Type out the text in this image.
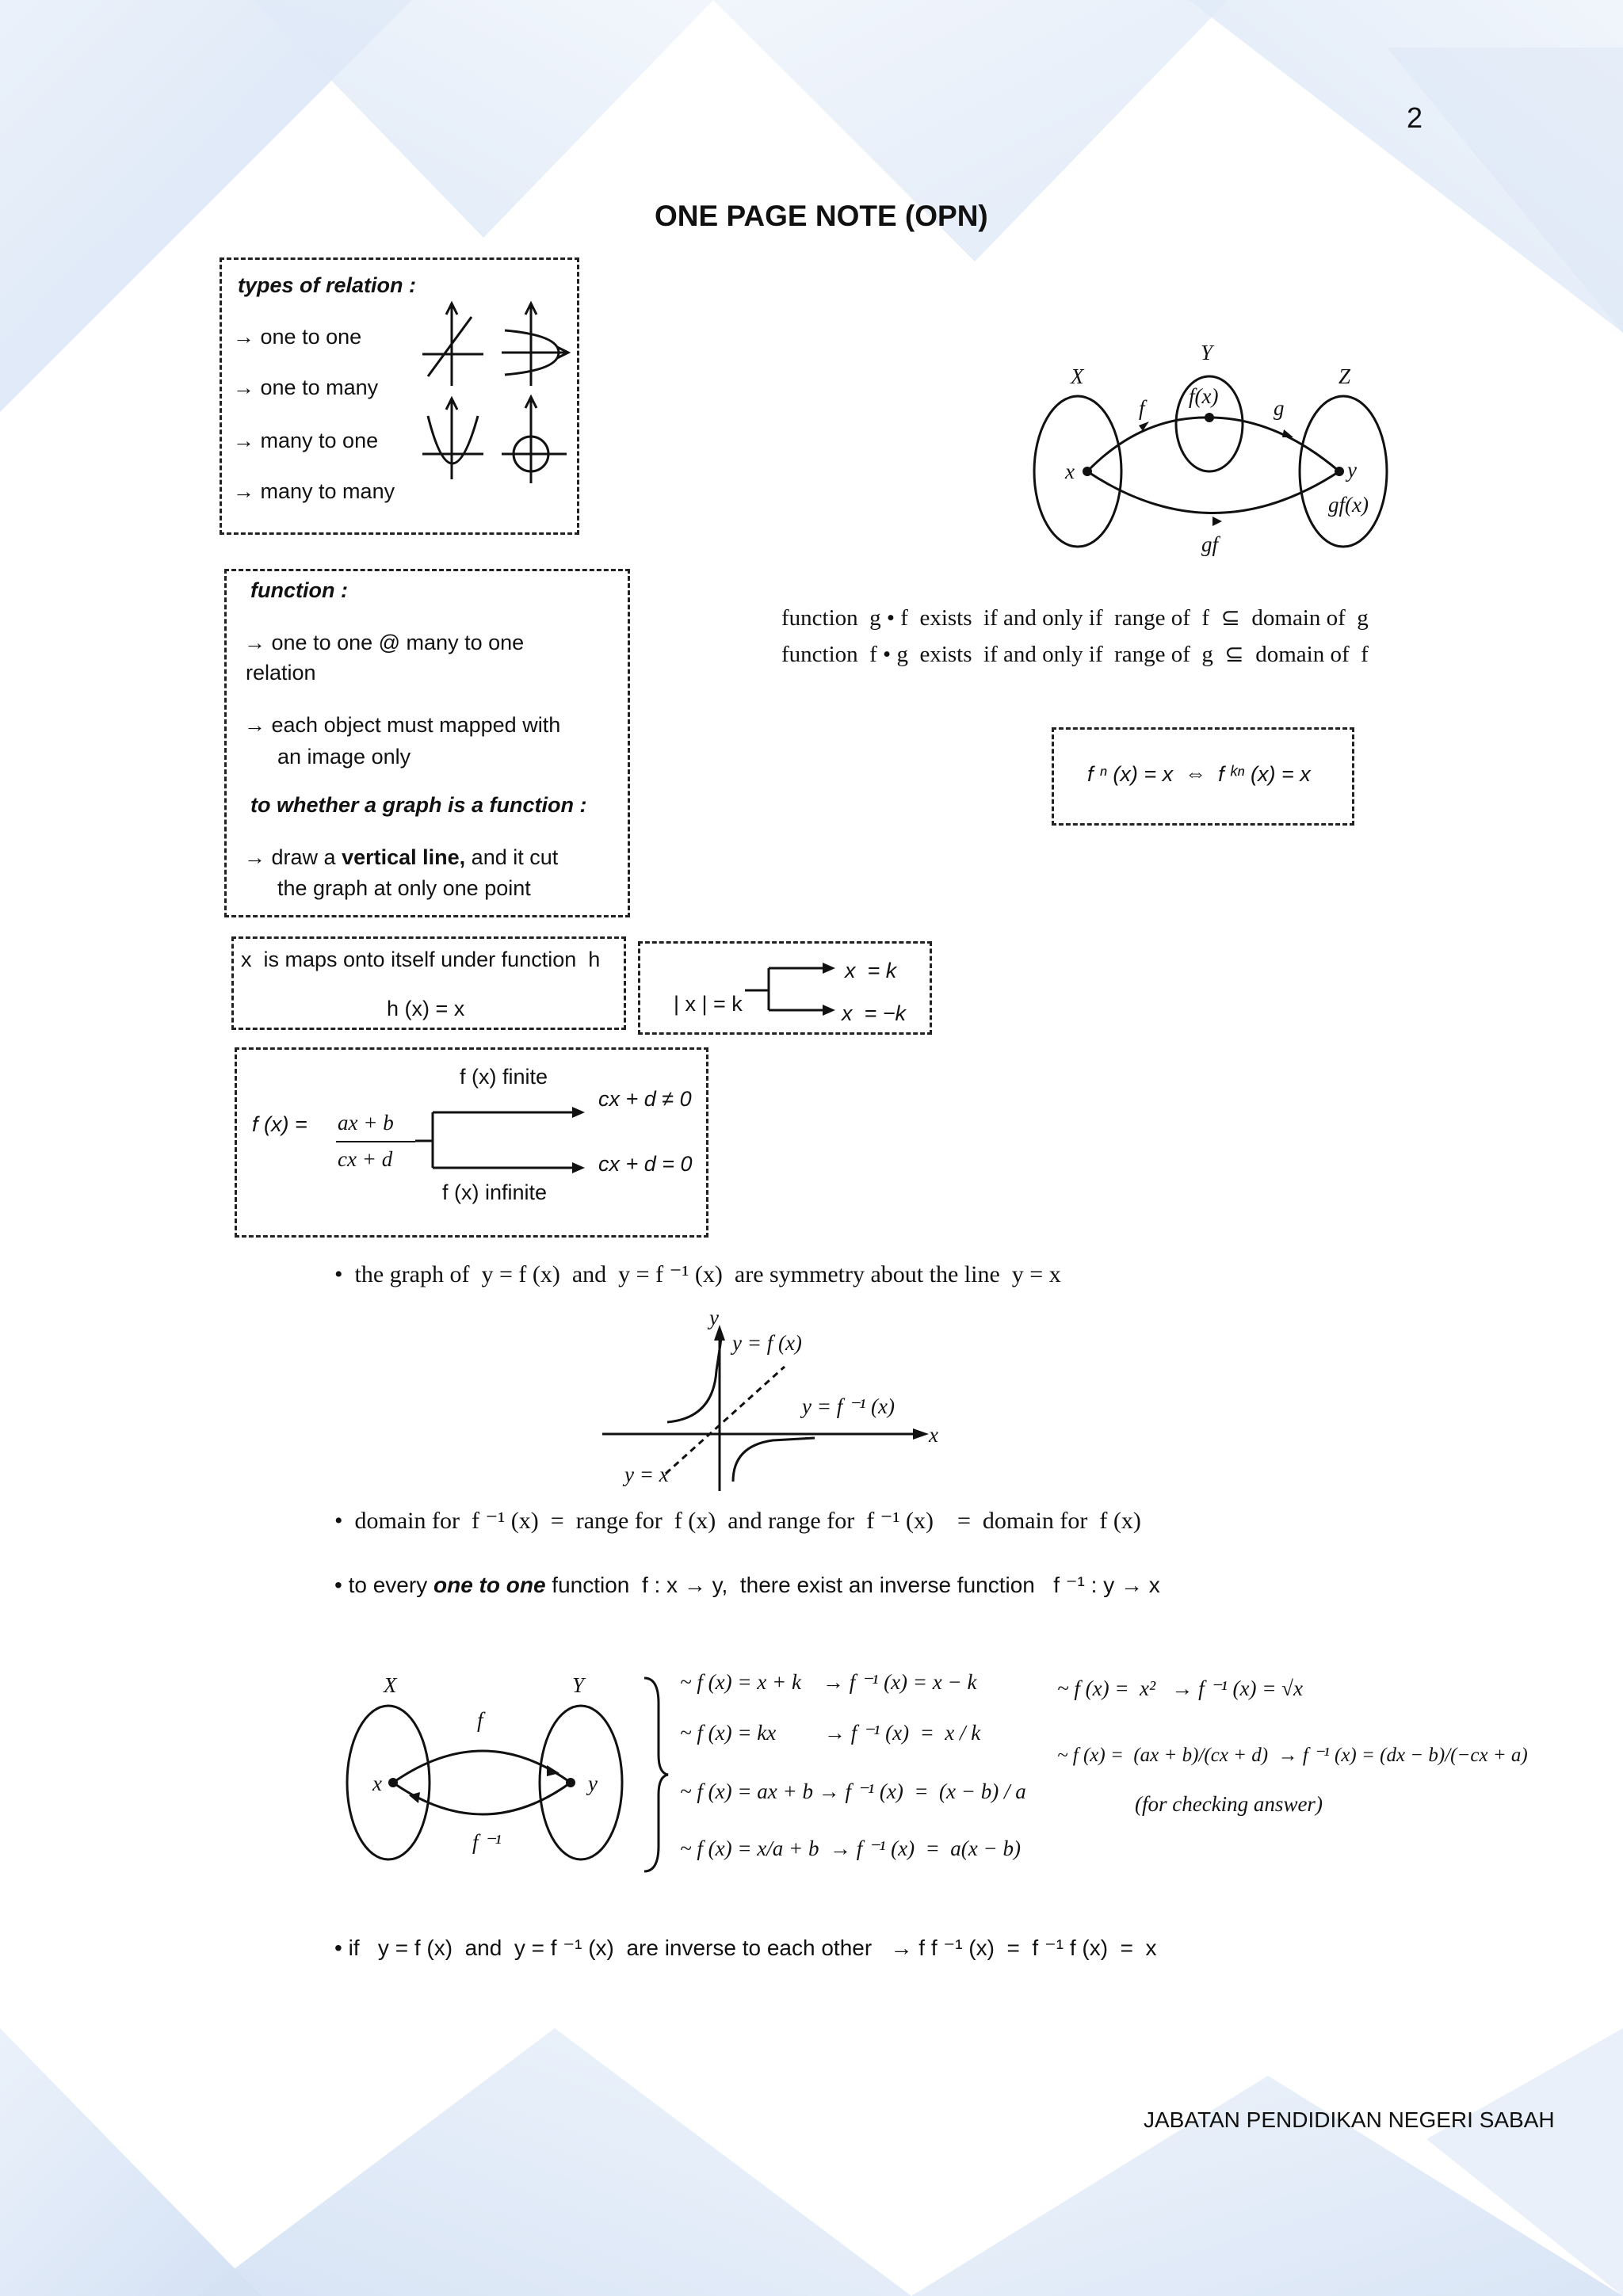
2
ONE PAGE NOTE (OPN)
types of relation :
→ one to one
→ one to many
→ many to one
→ many to many
function :
→ one to one @ many to one
relation
→ each object must mapped with
an image only
to whether a graph is a function :
→ draw a vertical line, and it cut
the graph at only one point
X
Y
Z
x	y
f(x)
f	g
gf(x)
gf
function  g • f  exists  if and only if  range of  f  ⊆  domain of  g
function  f • g  exists  if and only if  range of  g  ⊆  domain of  f
f ⁿ (x) = x  ⇔  f ᵏⁿ (x) = x
x  is maps onto itself under function  h
h (x) = x	| x | = k
x  = k
x  = −k
f (x) finite
f (x) = ax + b
cx + d
cx + d ≠ 0
cx + d = 0
f (x) infinite
•  the graph of  y = f (x)  and  y = f ⁻¹ (x)  are symmetry about the line  y = x
y
x
y = f (x)
y = f ⁻¹ (x)
y = x
•  domain for  f ⁻¹ (x)  =  range for  f (x)  and range for  f ⁻¹ (x)    =  domain for  f (x)
• to every one to one function  f : x → y,  there exist an inverse function   f ⁻¹ : y → x
X	Y
x	y
f
f ⁻¹
~ f (x) = x + k    → f ⁻¹ (x) = x − k
~ f (x) = kx         → f ⁻¹ (x)  =  x / k
~ f (x) = ax + b → f ⁻¹ (x)  =  (x − b) / a
~ f (x) = x/a + b  → f ⁻¹ (x)  =  a(x − b)
~ f (x) =  x²   → f ⁻¹ (x) = √x
~ f (x) =  (ax + b)/(cx + d)  → f ⁻¹ (x) = (dx − b)/(−cx + a)
(for checking answer)
• if   y = f (x)  and  y = f ⁻¹ (x)  are inverse to each other   → f f ⁻¹ (x)  =  f ⁻¹ f (x)  =  x
JABATAN PENDIDIKAN NEGERI SABAH
